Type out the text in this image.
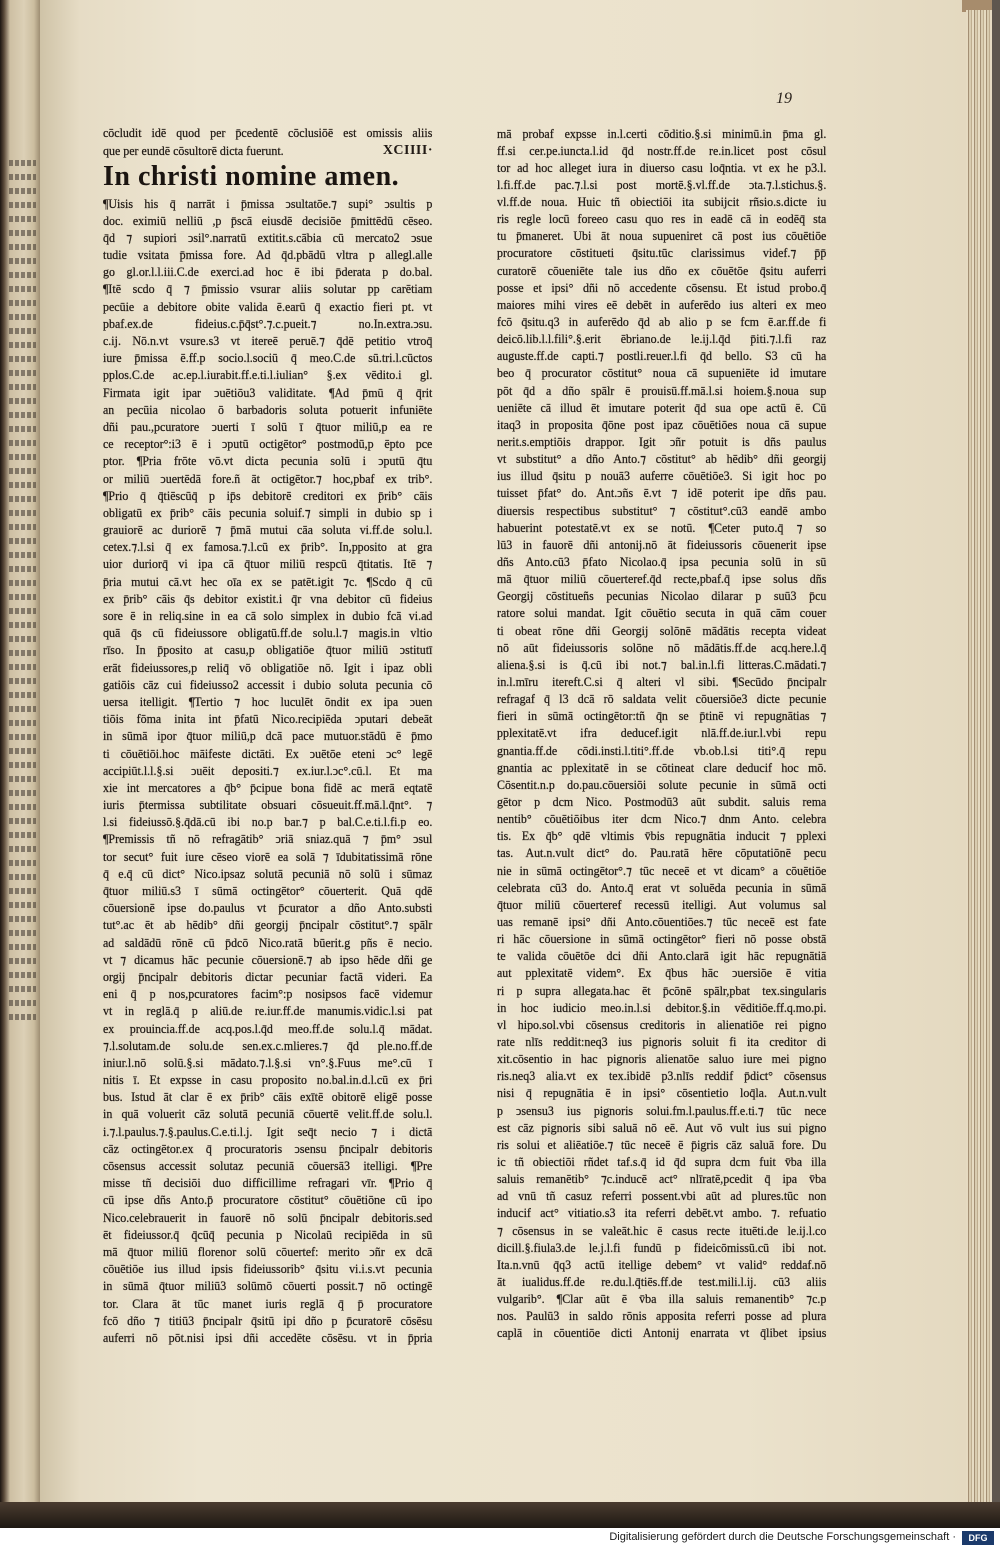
19
cōcludit idē quod per p̄cedentē cōclusiōē est omissis aliis
que per eundē cōsultorē dicta fuerunt.	XCIIII·
In christi nomine amen.
¶Uisis his q̄ narrāt i p̄missa ↄsultatōe.⁊ supi° ↄsultis p
doc. eximiū nelliū ,p p̄scā eiusdē decisiōe p̄mittēdū cēseo.
q̄d ⁊ supiori ↄsil°.narratū extitit.s.cābia cū mercato2 ↄsue
tudie vsitata p̄missa fore. Ad q̄d.pbādū vltra p allegl.alle
go gl.or.l.l.iii.C.de exerci.ad hoc ē ibi p̄derata p do.bal.
¶Itē scdo q̄ ⁊ p̄missio vsurar aliis solutar pp carētiam
pecūie a debitore obite valida ē.earū q̄ exactio fieri pt. vt
pbaf.ex.de fideius.c.p̄q̄st°.⁊.c.pueit.⁊ no.In.extra.ↄsu.
c.ij. Nō.n.vt vsure.s3 vt itereē peruē.⁊ q̄dē petitio vtroq̄
iure p̄missa ē.ff.p socio.l.sociū q̄ meo.C.de sū.tri.l.cūctos
pplos.C.de ac.ep.l.iurabit.ff.e.ti.l.iulian° §.ex vēdito.i gl.
Firmata igit ipar ↄuētiōu3 validitate. ¶Ad p̄mū q̄ q̄rit
an pecūia nicolao ō barbadoris soluta potuerit infuniēte
dñi pau.,pcuratore ↄuerti ī solū ī q̄tuor miliū,p ea re
ce receptor°:i3 ē i ↄputū octigētor° postmodū,p ēpto pce
ptor. ¶Pria frōte vō.vt dicta pecunia solū i ↄputū q̄tu
or miliū ↄuertēdā fore.ñ āt octigētor.⁊ hoc,pbaf ex trib°.
¶Prio q̄ q̄tiēscūq̄ p ip̄s debitorē creditori ex p̄rib° cāis
obligatū ex p̄rib° cāis pecunia soluif.⁊ simpli in dubio sp i
grauiorē ac duriorē ⁊ p̄mā mutui cāa soluta vi.ff.de solu.l.
cetex.⁊.l.si q̄ ex famosa.⁊.l.cū ex p̄rib°. In,pposito at gra
uior duriorq̄ vi ipa cā q̄tuor miliū respcū q̄titatis. Itē ⁊
p̄ria mutui cā.vt hec oīa ex se patēt.igit ⁊c. ¶Scdo q̄ cū
ex p̄rib° cāis q̄s debitor existit.i q̄r vna debitor cū fideius
sore ē in reliq.sine in ea cā solo simplex in dubio fcā vi.ad
quā q̄s cū fideiussore obligatū.ff.de solu.l.⁊ magis.in vltio
rīso. In p̄posito at casu,p obligatiōe q̄tuor miliū ↄstitutī
erāt fideiussores,p reliq̄ vō obligatiōe nō. Igit i ipaz obli
gatiōis cāz cui fideiusso2 accessit i dubio soluta pecunia cō
uersa itelligit. ¶Tertio ⁊ hoc luculēt ōndit ex ipa ↄuen
tiōis fōma inita int p̄fatū Nico.recipiēda ↄputari debeāt
in sūmā ipor q̄tuor miliū,p dcā pace mutuor.stādū ē p̄mo
ti cōuētiōi.hoc māifeste dictāti. Ex ↄuētōe eteni ↄc° legē
accipiūt.l.l.§.si ↄuēit depositi.⁊ ex.iur.l.ↄc°.cū.l. Et ma
xie int mercatores a q̄b° p̄cipue bona fidē ac merā eqtatē
iuris p̄termissa subtilitate obsuari cōsueuit.ff.mā.l.q̄nt°. ⁊
l.si fideiussō.§.q̄dā.cū ibi no.p bar.⁊ p bal.C.e.ti.l.fi.p eo.
¶Premissis tñ nō refragātib° ↄriā sniaz.quā ⁊ p̄m° ↄsul
tor secut° fuit iure cēseo viorē ea solā ⁊ īdubitatissimā rōne
q̄ e.q̄ cū dict° Nico.ipsaz solutā pecuniā nō solū i sūmaz
q̄tuor miliū.s3 ī sūmā octingētor° cōuerterit. Quā qdē
cōuersionē ipse do.paulus vt p̄curator a dño Anto.substi
tut°.ac ēt ab hēdib° dñi georgij p̄ncipalr cōstitut°.⁊ spālr
ad saldādū rōnē cū p̄dcō Nico.ratā būerit.g pñs ē necio.
vt ⁊ dicamus hāc pecunie cōuersionē.⁊ ab ipso hēde dñi ge
orgij p̄ncipalr debitoris dictar pecuniar factā videri. Ea
eni q̄ p nos,pcuratores facim°:p nosipsos facē videmur
vt in reglā.q̄ p aliū.de re.iur.ff.de manumis.vidic.l.si pat
ex prouincia.ff.de acq.pos.l.q̄d meo.ff.de solu.l.q̄ mādat.
⁊.l.solutam.de solu.de sen.ex.c.mlieres.⁊ q̄d ple.no.ff.de
iniur.l.nō solū.§.si mādato.⁊.l.§.si vn°.§.Fuus me°.cū ī
nitis ī. Et expsse in casu proposito no.bal.in.d.l.cū ex p̄ri
bus. Istud āt clar ē ex p̄rib° cāis exītē obitorē eligē posse
in quā voluerit cāz solutā pecuniā cōuertē velit.ff.de solu.l.
i.⁊.l.paulus.⁊.§.paulus.C.e.ti.l.j. Igit seq̄t necio ⁊ i dictā
cāz octingētor.ex q̄ procuratoris ↄsensu p̄ncipalr debitoris
cōsensus accessit solutaz pecuniā cōuersā3 itelligi. ¶Pre
misse tñ decisiōi duo difficillime refragari vīr. ¶Prio q̄
cū ipse dñs Anto.p̄ procuratore cōstitut° cōuētiōne cū ipo
Nico.celebrauerit in fauorē nō solū p̄ncipalr debitoris.sed
ēt fideiussor.q̄ q̄cūq̄ pecunia p Nicolaū recipiēda in sū
mā q̄tuor miliū florenor solū cōuertef: merito ↄñr ex dcā
cōuētiōe ius illud ipsis fideiussorib° q̄situ vi.i.s.vt pecunia
in sūmā q̄tuor miliū3 solūmō cōuerti possit.⁊ nō octingē
tor. Clara āt tūc manet iuris reglā q̄ p̄ procuratore
fcō dño ⁊ titiū3 p̄ncipalr q̄sitū ipi dño p p̄curatorē cōsēsu
auferri nō pōt.nisi ipsi dñi accedēte cōsēsu. vt in p̄pria
mā probaf expsse in.l.certi cōditio.§.si minimū.in p̄ma gl.
ff.si cer.pe.iuncta.l.id q̄d nostr.ff.de re.in.licet post cōsul
tor ad hoc alleget iura in diuerso casu loq̄ntia. vt ex he p3.l.
l.fi.ff.de pac.⁊.l.si post mortē.§.vl.ff.de ↄta.⁊.l.stichus.§.
vl.ff.de noua. Huic tñ obiectiōi ita subijcit rñsio.s.dicte iu
ris regle locū foreeo casu quo res in eadē cā in eodēq̄ sta
tu p̄maneret. Ubi āt noua supueniret cā post ius cōuētiōe
procuratore cōstitueti q̄situ.tūc clarissimus videf.⁊ p̄p̄
curatorē cōueniēte tale ius dño ex cōuētōe q̄situ auferri
posse et ipsi° dñi nō accedente cōsensu. Et istud probo.q̄
maiores mihi vires eē debēt in auferēdo ius alteri ex meo
fcō q̄situ.q3 in auferēdo q̄d ab alio p se fcm ē.ar.ff.de fi
deicō.lib.l.l.fili°.§.erit ēbriano.de le.ij.l.q̄d p̄iti.⁊.l.fi raz
auguste.ff.de capti.⁊ postli.reuer.l.fi q̄d bello. S3 cū ha
beo q̄ procurator cōstitut° noua cā supueniēte id imutare
pōt q̄d a dño spālr ē prouisū.ff.mā.l.si hoiem.§.noua sup
ueniēte cā illud ēt imutare poterit q̄d sua ope actū ē. Cū
itaq3 in proposita q̄ōne post ipaz cōuētiōes noua cā supue
nerit.s.emptiōis drappor. Igit ↄñr potuit is dñs paulus
vt substitut° a dño Anto.⁊ cōstitut° ab hēdib° dñi georgij
ius illud q̄situ p nouā3 auferre cōuētiōe3. Si igit hoc po
tuisset p̄fat° do. Ant.ↄñs ē.vt ⁊ idē poterit ipe dñs pau.
diuersis respectibus substitut° ⁊ cōstitut°.cū3 eandē ambo
habuerint potestatē.vt ex se notū. ¶Ceter puto.q̄ ⁊ so
lū3 in fauorē dñi antonij.nō āt fideiussoris cōuenerit ipse
dñs Anto.cū3 p̄fato Nicolao.q̄ ipsa pecunia solū in sū
mā q̄tuor miliū cōuerteref.q̄d recte,pbaf.q̄ ipse solus dñs
Georgij cōstitueñs pecunias Nicolao dilarar p suū3 p̄cu
ratore solui mandat. Igit cōuētio secuta in quā cām couer
ti obeat rōne dñi Georgij solōnē mādātis recepta videat
nō aūt fideiussoris solōne nō mādātis.ff.de acq.here.l.q̄
aliena.§.si is q̄.cū ibi not.⁊ bal.in.l.fi litteras.C.mādati.⁊
in.l.mīru itereft.C.si q̄ alteri vl sibi. ¶Secūdo p̄ncipalr
refragaf q̄ l3 dcā rō saldata velit cōuersiōe3 dicte pecunie
fieri in sūmā octingētor:tñ q̄n se p̄tinē vi repugnātias ⁊
pplexitatē.vt ifra deducef.igit nlā.ff.de.iur.l.vbi repu
gnantia.ff.de cōdi.insti.l.titi°.ff.de vb.ob.l.si titi°.q̄ repu
gnantia ac pplexitatē in se cōtineat clare deducif hoc mō.
Cōsentit.n.p do.pau.cōuersiōi solute pecunie in sūmā octi
gētor p dcm Nico. Postmodū3 aūt subdit. saluis rema
nentib° cōuētiōibus iter dcm Nico.⁊ dnm Anto. celebra
tis. Ex q̄b° qdē vltimis v̄bis repugnātia inducit ⁊ pplexi
tas. Aut.n.vult dict° do. Pau.ratā hēre cōputatiōnē pecu
nie in sūmā octingētor°.⁊ tūc neceē et vt dicam° a cōuētiōe
celebrata cū3 do. Anto.q̄ erat vt soluēda pecunia in sūmā
q̄tuor miliū cōuerteref recessū itelligi. Aut volumus sal
uas remanē ipsi° dñi Anto.cōuentiōes.⁊ tūc neceē est fate
ri hāc cōuersione in sūmā octingētor° fieri nō posse obstā
te valida cōuētōe dci dñi Anto.clarā igit hāc repugnātiā
aut pplexitatē videm°. Ex q̄bus hāc ↄuersiōe ē vitia
ri p supra allegata.hac ēt p̄cōnē spālr,pbat tex.singularis
in hoc iudicio meo.in.l.si debitor.§.in vēditiōe.ff.q.mo.pi.
vl hipo.sol.vbi cōsensus creditoris in alienatiōe rei pigno
rate nlīs reddit:neq3 ius pignoris soluit fi ita creditor di
xit.cōsentio in hac pignoris alienatōe saluo iure mei pigno
ris.neq3 alia.vt ex tex.ibidē p3.nlīs reddif p̄dict° cōsensus
nisi q̄ repugnātia ē in ipsi° cōsentietio loq̄la. Aut.n.vult
p ↄsensu3 ius pignoris solui.fm.l.paulus.ff.e.ti.⁊ tūc nece
est cāz pignoris sibi saluā nō eē. Aut vō vult ius sui pigno
ris solui et aliēatiōe.⁊ tūc neceē ē p̄igris cāz saluā fore. Du
ic tñ obiectiōi rñdet taf.s.q̄ id q̄d supra dcm fuit v̄ba illa
saluis remanētib° ⁊c.inducē act° nlīratē,pcedit q̄ ipa v̄ba
ad vnū tñ casuz referri possent.vbi aūt ad plures.tūc non
inducif act° vitiatio.s3 ita referri debēt.vt ambo. ⁊. refuatio
⁊ cōsensus in se valeāt.hic ē casus recte ituēti.de le.ij.l.co
dicill.§.fiula3.de le.j.l.fi fundū p fideicōmissū.cū ibi not.
Ita.n.vnū q̄q3 actū itellige debem° vt valid° reddaf.nō
āt iualidus.ff.de re.du.l.q̄tiēs.ff.de test.mili.l.ij. cū3 aliis
vulgarib°. ¶Clar aūt ē v̄ba illa saluis remanentib° ⁊c.p
nos. Paulū3 in saldo rōnis apposita referri posse ad plura
caplā in cōuentiōe dicti Antonij enarrata vt q̄libet ipsius
Digitalisierung gefördert durch die Deutsche Forschungsgemeinschaft ·	DFG
